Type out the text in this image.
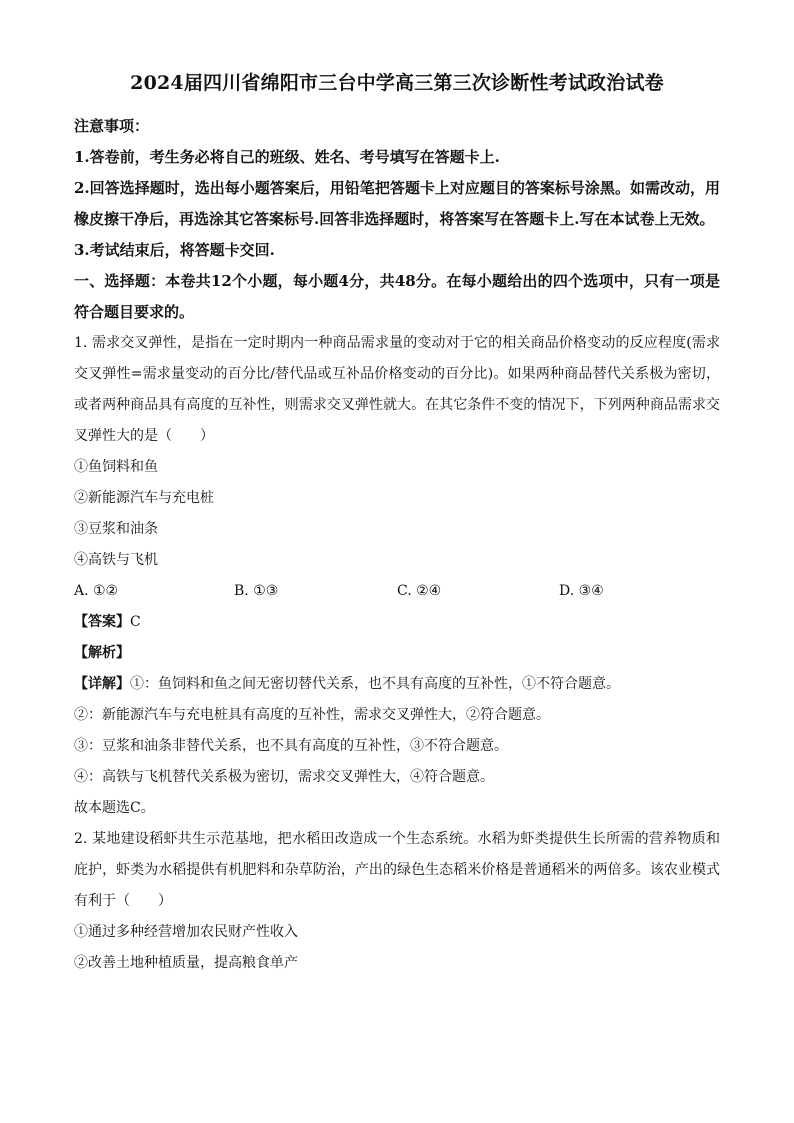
2024届四川省绵阳市三台中学高三第三次诊断性考试政治试卷
注意事项：
1.答卷前，考生务必将自己的班级、姓名、考号填写在答题卡上.
2.回答选择题时，选出每小题答案后，用铅笔把答题卡上对应题目的答案标号涂黑。如需改动，用橡皮擦干净后，再选涂其它答案标号.回答非选择题时，将答案写在答题卡上.写在本试卷上无效。
3.考试结束后，将答题卡交回.
一、选择题：本卷共12个小题，每小题4分，共48分。在每小题给出的四个选项中，只有一项是符合题目要求的。
1. 需求交叉弹性，是指在一定时期内一种商品需求量的变动对于它的相关商品价格变动的反应程度(需求交叉弹性=需求量变动的百分比/替代品或互补品价格变动的百分比)。如果两种商品替代关系极为密切，或者两种商品具有高度的互补性，则需求交叉弹性就大。在其它条件不变的情况下，下列两种商品需求交叉弹性大的是（　　）
①鱼饲料和鱼
②新能源汽车与充电桩
③豆浆和油条
④高铁与飞机
A. ①②	B. ①③	C. ②④	D. ③④
【答案】C
【解析】
【详解】①：鱼饲料和鱼之间无密切替代关系，也不具有高度的互补性，①不符合题意。
②：新能源汽车与充电桩具有高度的互补性，需求交叉弹性大，②符合题意。
③：豆浆和油条非替代关系，也不具有高度的互补性，③不符合题意。
④：高铁与飞机替代关系极为密切，需求交叉弹性大，④符合题意。
故本题选C。
2. 某地建设稻虾共生示范基地，把水稻田改造成一个生态系统。水稻为虾类提供生长所需的营养物质和庇护，虾类为水稻提供有机肥料和杂草防治，产出的绿色生态稻米价格是普通稻米的两倍多。该农业模式有利于（　　）
①通过多种经营增加农民财产性收入
②改善土地种植质量，提高粮食单产
